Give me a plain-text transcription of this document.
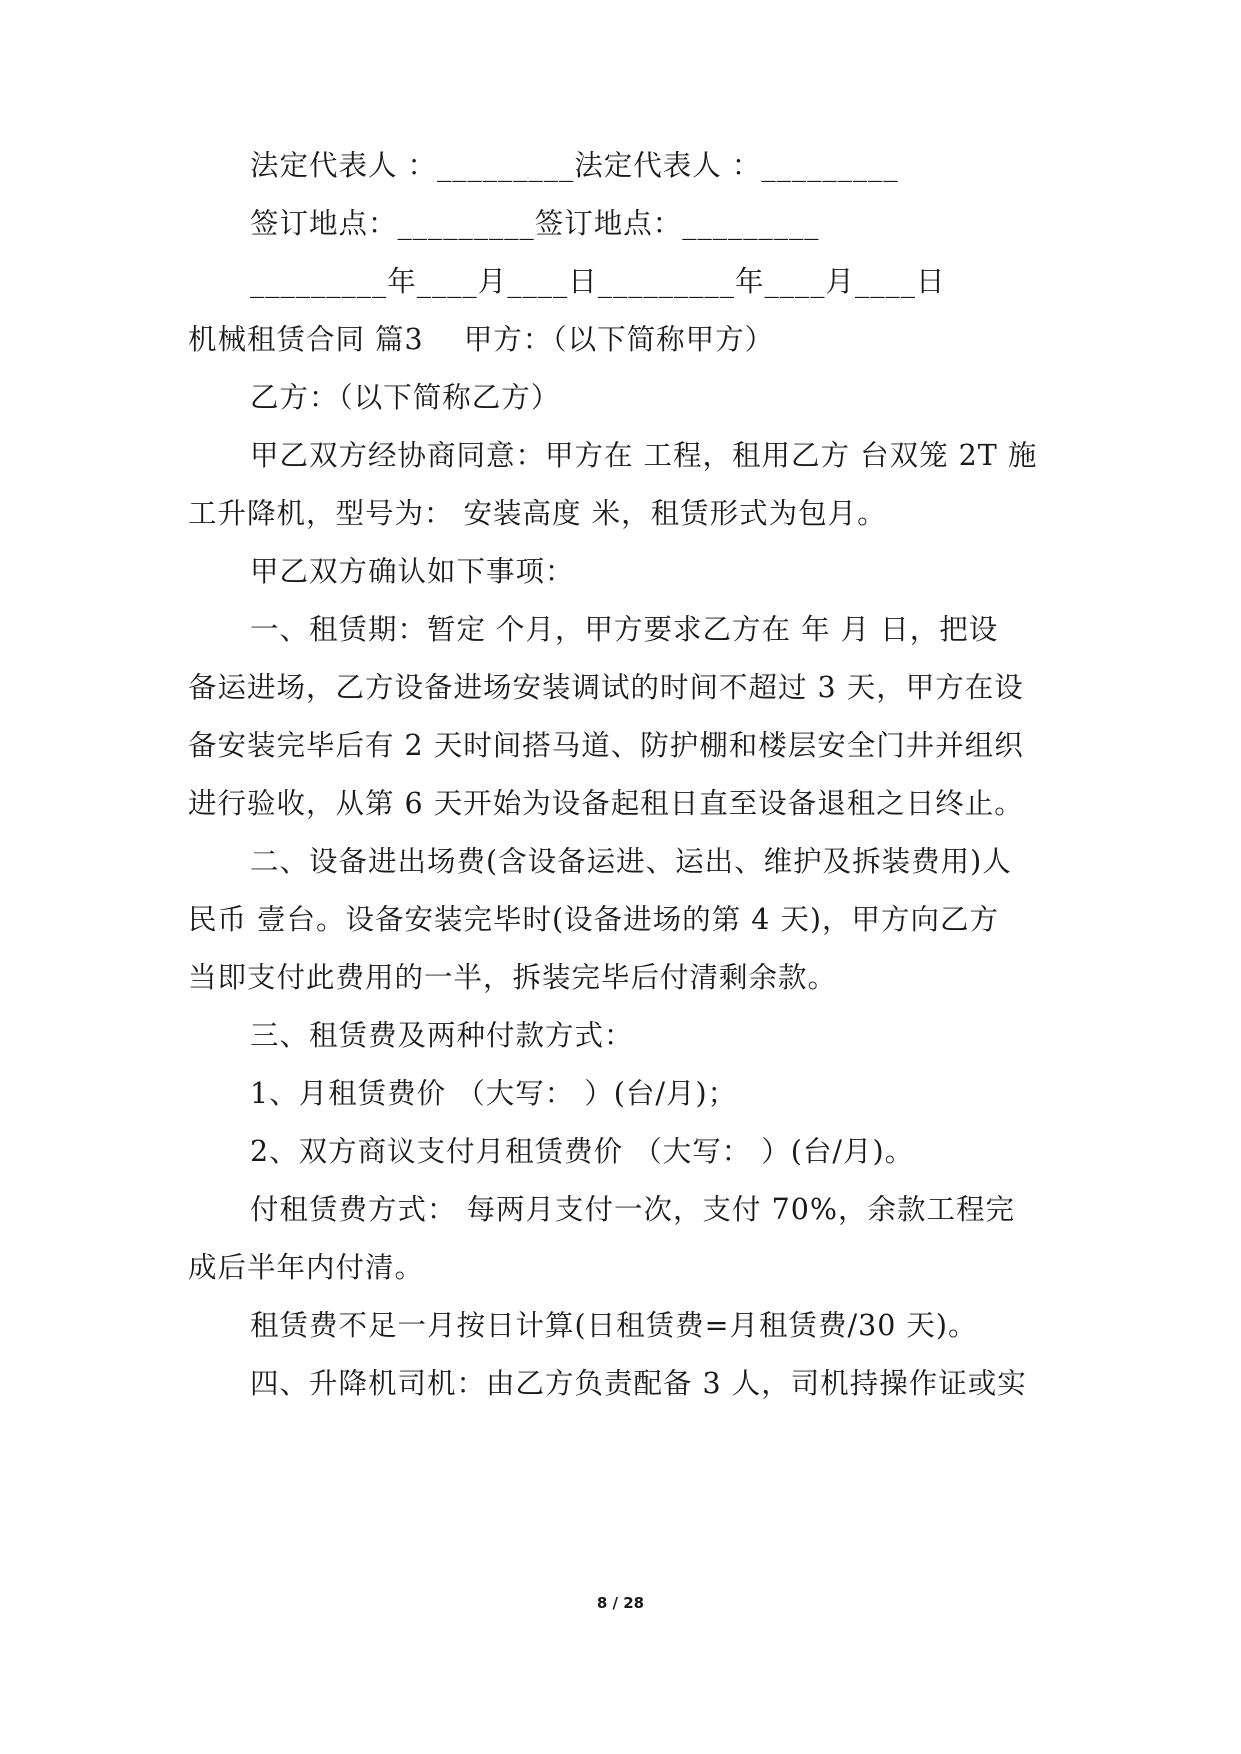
法定代表人 ：_________法定代表人 ：_________
签订地点：_________签订地点：_________
_________年____月____日_________年____月____日
机械租赁合同 篇3    甲方：（以下简称甲方）
乙方：（以下简称乙方）
甲乙双方经协商同意：甲方在 工程，租用乙方 台双笼 2T 施
工升降机，型号为： 安装高度 米，租赁形式为包月。
甲乙双方确认如下事项：
一、租赁期：暂定 个月，甲方要求乙方在 年 月 日，把设
备运进场，乙方设备进场安装调试的时间不超过 3 天，甲方在设
备安装完毕后有 2 天时间搭马道、防护棚和楼层安全门井并组织
进行验收，从第 6 天开始为设备起租日直至设备退租之日终止。
二、设备进出场费(含设备运进、运出、维护及拆装费用)人
民币 壹台。设备安装完毕时(设备进场的第 4 天)，甲方向乙方
当即支付此费用的一半，拆装完毕后付清剩余款。
三、租赁费及两种付款方式：
1、月租赁费价 （大写： ）(台/月)；
2、双方商议支付月租赁费价 （大写： ）(台/月)。
付租赁费方式： 每两月支付一次，支付 70%，余款工程完
成后半年内付清。
租赁费不足一月按日计算(日租赁费=月租赁费/30 天)。
四、升降机司机：由乙方负责配备 3 人，司机持操作证或实
8 / 28
